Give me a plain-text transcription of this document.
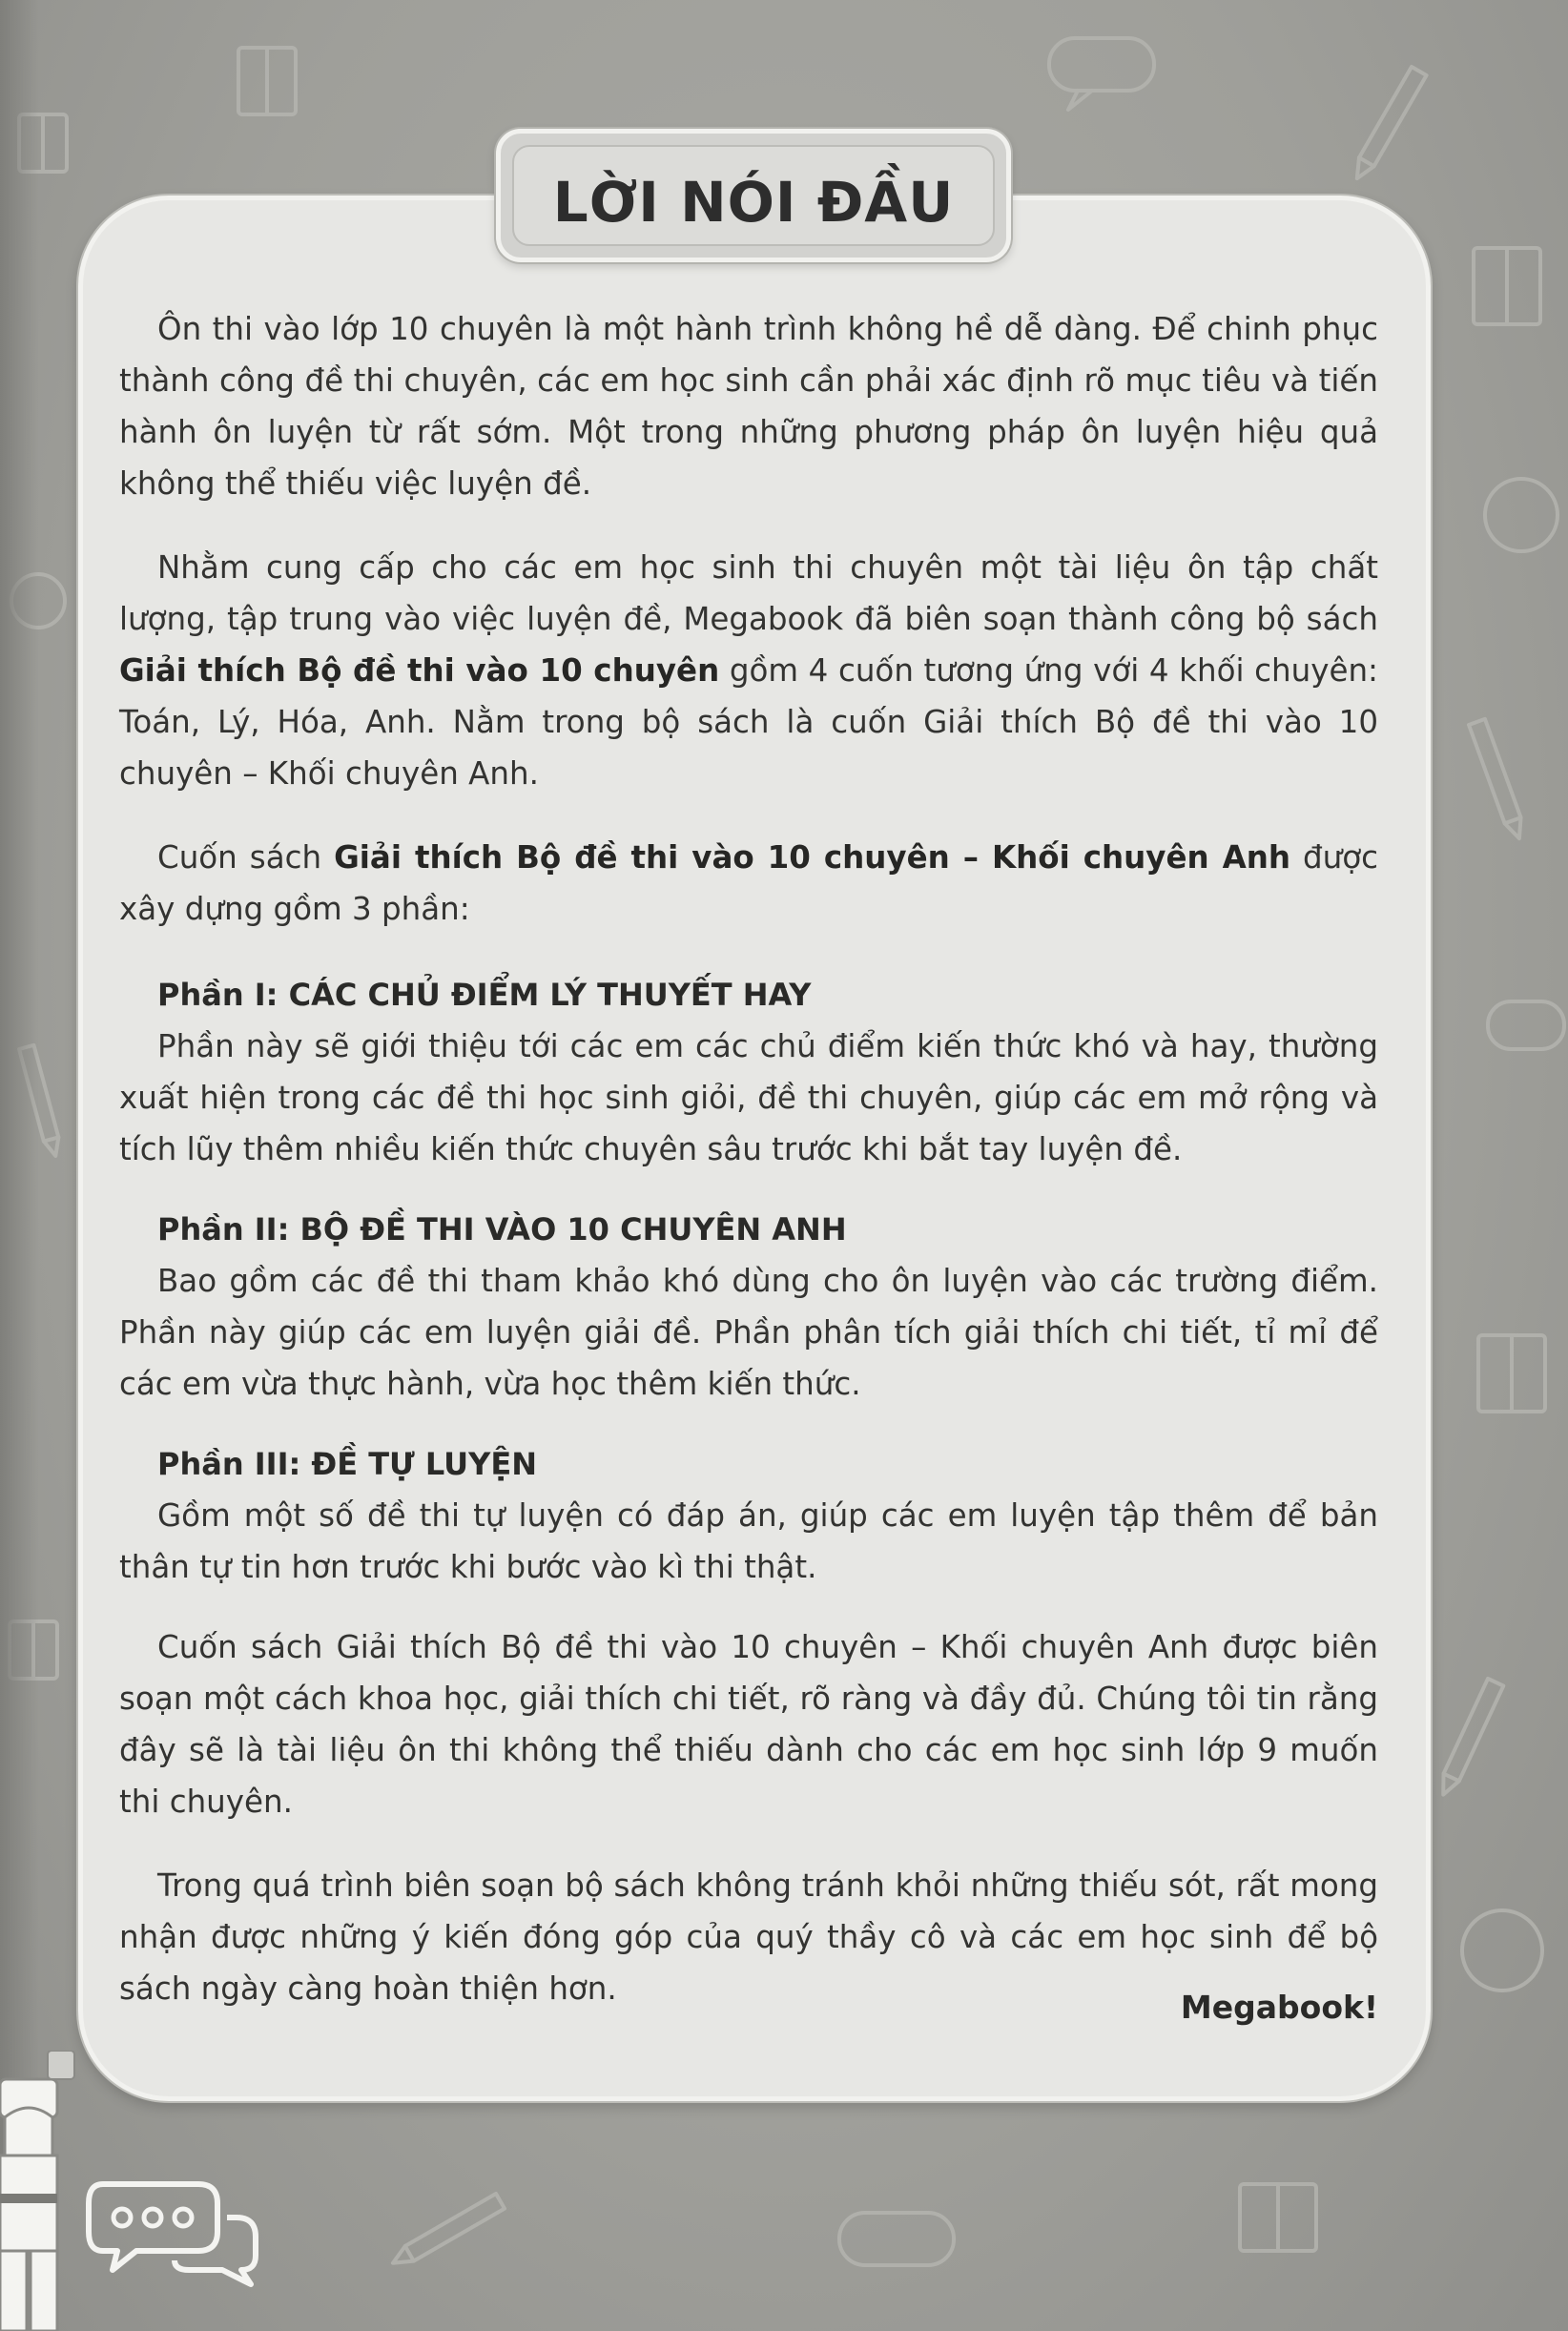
LỜI NÓI ĐẦU

Ôn thi vào lớp 10 chuyên là một hành trình không hề dễ dàng. Để chinh phục thành công đề thi chuyên, các em học sinh cần phải xác định rõ mục tiêu và tiến hành ôn luyện từ rất sớm. Một trong những phương pháp ôn luyện hiệu quả không thể thiếu việc luyện đề.

Nhằm cung cấp cho các em học sinh thi chuyên một tài liệu ôn tập chất lượng, tập trung vào việc luyện đề, Megabook đã biên soạn thành công bộ sách Giải thích Bộ đề thi vào 10 chuyên gồm 4 cuốn tương ứng với 4 khối chuyên: Toán, Lý, Hóa, Anh. Nằm trong bộ sách là cuốn Giải thích Bộ đề thi vào 10 chuyên – Khối chuyên Anh.

Cuốn sách Giải thích Bộ đề thi vào 10 chuyên – Khối chuyên Anh được xây dựng gồm 3 phần:

Phần I: CÁC CHỦ ĐIỂM LÝ THUYẾT HAY

Phần này sẽ giới thiệu tới các em các chủ điểm kiến thức khó và hay, thường xuất hiện trong các đề thi học sinh giỏi, đề thi chuyên, giúp các em mở rộng và tích lũy thêm nhiều kiến thức chuyên sâu trước khi bắt tay luyện đề.

Phần II: BỘ ĐỀ THI VÀO 10 CHUYÊN ANH

Bao gồm các đề thi tham khảo khó dùng cho ôn luyện vào các trường điểm. Phần này giúp các em luyện giải đề. Phần phân tích giải thích chi tiết, tỉ mỉ để các em vừa thực hành, vừa học thêm kiến thức.

Phần III: ĐỀ TỰ LUYỆN

Gồm một số đề thi tự luyện có đáp án, giúp các em luyện tập thêm để bản thân tự tin hơn trước khi bước vào kì thi thật.

Cuốn sách Giải thích Bộ đề thi vào 10 chuyên – Khối chuyên Anh được biên soạn một cách khoa học, giải thích chi tiết, rõ ràng và đầy đủ. Chúng tôi tin rằng đây sẽ là tài liệu ôn thi không thể thiếu dành cho các em học sinh lớp 9 muốn thi chuyên.

Trong quá trình biên soạn bộ sách không tránh khỏi những thiếu sót, rất mong nhận được những ý kiến đóng góp của quý thầy cô và các em học sinh để bộ sách ngày càng hoàn thiện hơn.	Megabook!
